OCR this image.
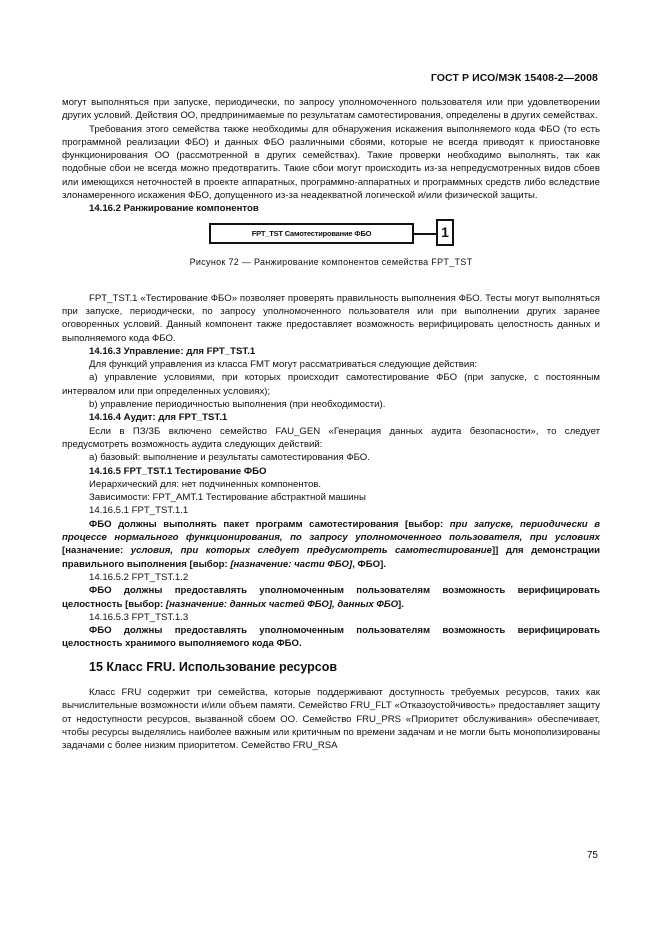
ГОСТ Р ИСО/МЭК 15408-2—2008

могут выполняться при запуске, периодически, по запросу уполномоченного пользователя или при удовлетворении других условий. Действия ОО, предпринимаемые по результатам самотестирования, определены в других семействах.

Требования этого семейства также необходимы для обнаружения искажения выполняемого кода ФБО (то есть программной реализации ФБО) и данных ФБО различными сбоями, которые не всегда приводят к приостановке функционирования ОО (рассмотренной в других семействах). Такие проверки необходимо выполнять, так как подобные сбои не всегда можно предотвратить. Такие сбои могут происходить из-за непредусмотренных видов сбоев или имеющихся неточностей в проекте аппаратных, программно-аппаратных и программных средств либо вследствие злонамеренного искажения ФБО, допущенного из-за неадекватной логической и/или физической защиты.

14.16.2 Ранжирование компонентов

FPT_TST Самотестирование ФБО	1
Рисунок 72 — Ранжирование компонентов семейства FPT_TST

FPT_TST.1 «Тестирование ФБО» позволяет проверять правильность выполнения ФБО. Тесты могут выполняться при запуске, периодически, по запросу уполномоченного пользователя или при выполнении других заранее оговоренных условий. Данный компонент также предоставляет возможность верифицировать целостность данных и выполняемого кода ФБО.

14.16.3 Управление: для FPT_TST.1

Для функций управления из класса FMT могут рассматриваться следующие действия:

a) управление условиями, при которых происходит самотестирование ФБО (при запуске, с постоянным интервалом или при определенных условиях);

b) управление периодичностью выполнения (при необходимости).

14.16.4 Аудит: для FPT_TST.1

Если в ПЗ/ЗБ включено семейство FAU_GEN «Генерация данных аудита безопасности», то следует предусмотреть возможность аудита следующих действий:

a) базовый: выполнение и результаты самотестирования ФБО.

14.16.5 FPT_TST.1 Тестирование ФБО

Иерархический для: нет подчиненных компонентов.

Зависимости: FPT_AMT.1 Тестирование абстрактной машины

14.16.5.1 FPT_TST.1.1

ФБО должны выполнять пакет программ самотестирования [выбор: при запуске, периодически в процессе нормального функционирования, по запросу уполномоченного пользователя, при условиях [назначение: условия, при которых следует предусмотреть самотестирование]] для демонстрации правильного выполнения [выбор: [назначение: части ФБО], ФБО].

14.16.5.2 FPT_TST.1.2

ФБО должны предоставлять уполномоченным пользователям возможность верифицировать целостность [выбор: [назначение: данных частей ФБО], данных ФБО].

14.16.5.3 FPT_TST.1.3

ФБО должны предоставлять уполномоченным пользователям возможность верифицировать целостность хранимого выполняемого кода ФБО.

15 Класс FRU. Использование ресурсов

Класс FRU содержит три семейства, которые поддерживают доступность требуемых ресурсов, таких как вычислительные возможности и/или объем памяти. Семейство FRU_FLT «Отказоустойчивость» предоставляет защиту от недоступности ресурсов, вызванной сбоем ОО. Семейство FRU_PRS «Приоритет обслуживания» обеспечивает, чтобы ресурсы выделялись наиболее важным или критичным по времени задачам и не могли быть монополизированы задачами с более низким приоритетом. Семейство FRU_RSA

75
